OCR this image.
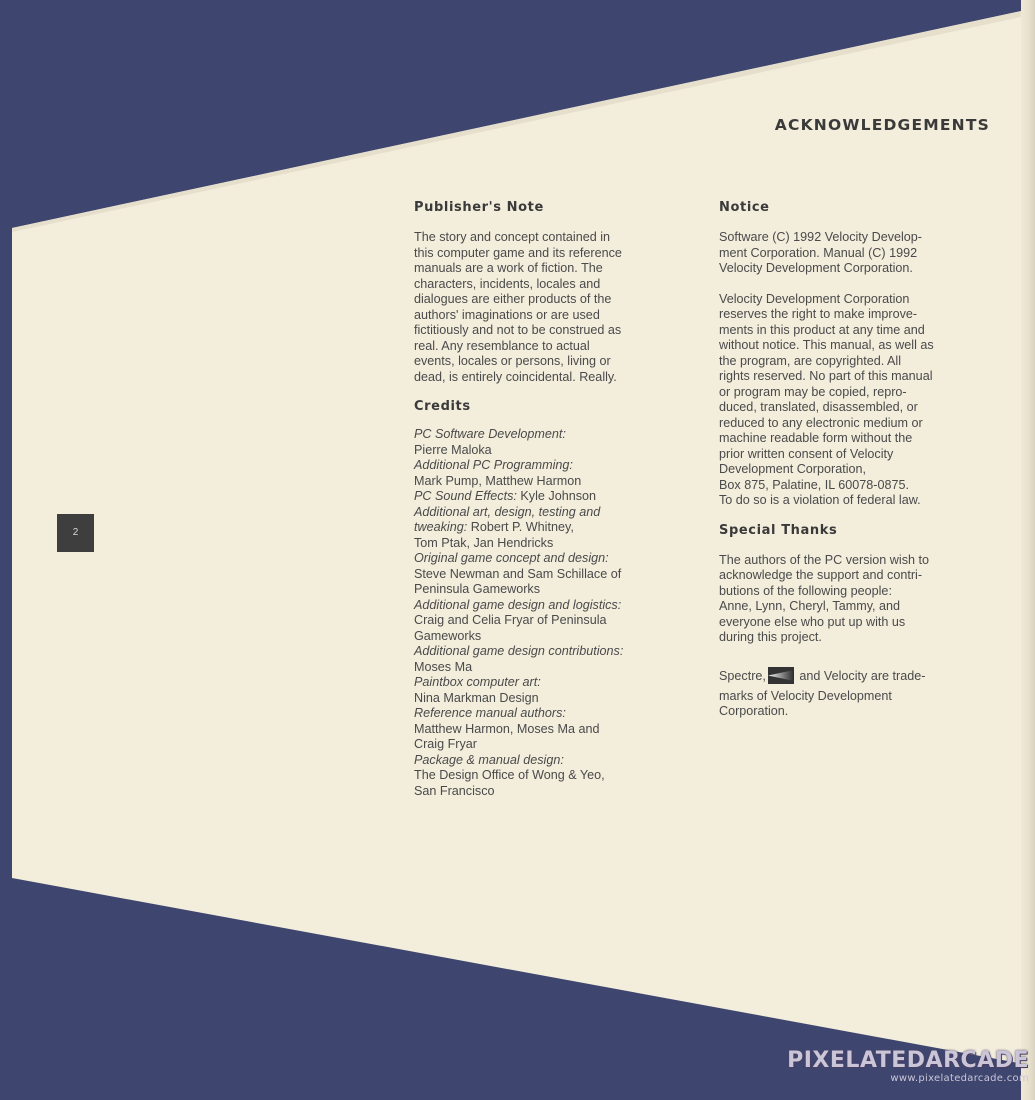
ACKNOWLEDGEMENTS
2
Publisher's Note
The story and concept contained in
this computer game and its reference
manuals are a work of fiction. The
characters, incidents, locales and
dialogues are either products of the
authors' imaginations or are used
fictitiously and not to be construed as
real. Any resemblance to actual
events, locales or persons, living or
dead, is entirely coincidental. Really.
Credits
PC Software Development:
Pierre Maloka
Additional PC Programming:
Mark Pump, Matthew Harmon
PC Sound Effects: Kyle Johnson
Additional art, design, testing and
tweaking: Robert P. Whitney,
Tom Ptak, Jan Hendricks
Original game concept and design:
Steve Newman and Sam Schillace of
Peninsula Gameworks
Additional game design and logistics:
Craig and Celia Fryar of Peninsula
Gameworks
Additional game design contributions:
Moses Ma
Paintbox computer art:
Nina Markman Design
Reference manual authors:
Matthew Harmon, Moses Ma and
Craig Fryar
Package & manual design:
The Design Office of Wong & Yeo,
San Francisco
Notice
Software (C) 1992 Velocity Develop-
ment Corporation. Manual (C) 1992
Velocity Development Corporation.
Velocity Development Corporation
reserves the right to make improve-
ments in this product at any time and
without notice. This manual, as well as
the program, are copyrighted. All
rights reserved. No part of this manual
or program may be copied, repro-
duced, translated, disassembled, or
reduced to any electronic medium or
machine readable form without the
prior written consent of Velocity
Development Corporation,
Box 875, Palatine, IL 60078-0875.
To do so is a violation of federal law.
Special Thanks
The authors of the PC version wish to
acknowledge the support and contri-
butions of the following people:
Anne, Lynn, Cheryl, Tammy, and
everyone else who put up with us
during this project.
Spectre, and Velocity are trade-
marks of Velocity Development
Corporation.
PIXELATEDARCADE
www.pixelatedarcade.com
